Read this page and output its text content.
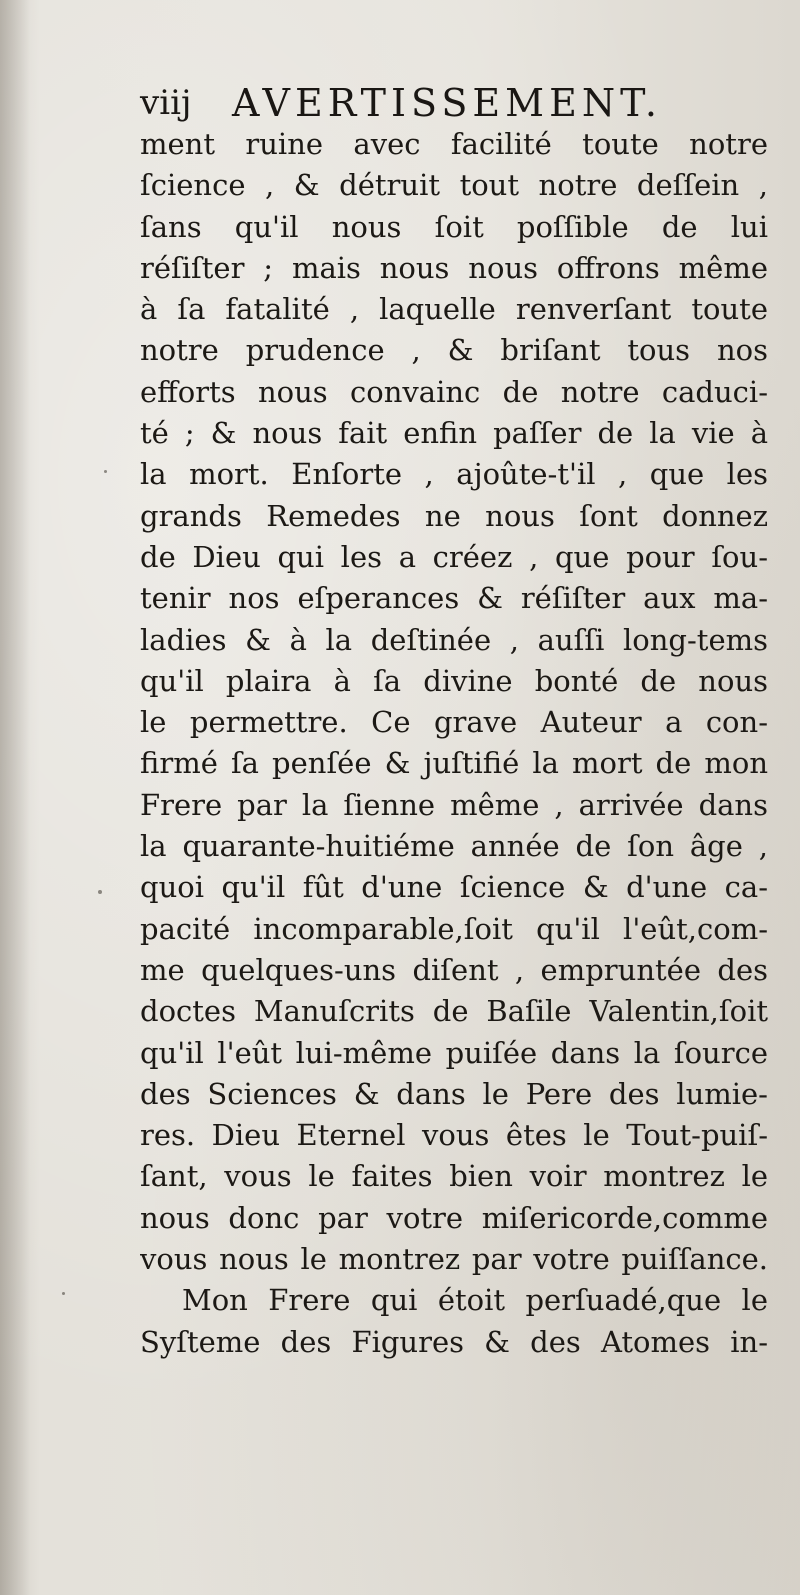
viij AVERTISSEMENT.
ment ruine avec facilité toute notre
ſcience , & détruit tout notre deſſein ,
ſans qu'il nous ſoit poſſible de lui
réſiſter ; mais nous nous offrons même
à ſa fatalité , laquelle renverſant toute
notre prudence , & briſant tous nos
efforts nous convainc de notre caduci-
té ; & nous fait enfin paſſer de la vie à
la mort. Enſorte , ajoûte-t'il , que les
grands Remedes ne nous ſont donnez
de Dieu qui les a créez , que pour ſou-
tenir nos eſperances & réſiſter aux ma-
ladies & à la deſtinée , auſſi long-tems
qu'il plaira à ſa divine bonté de nous
le permettre. Ce grave Auteur a con-
firmé ſa penſée & juſtifié la mort de mon
Frere par la ſienne même , arrivée dans
la quarante-huitiéme année de ſon âge ,
quoi qu'il fût d'une ſcience & d'une ca-
pacité incomparable,ſoit qu'il l'eût,com-
me quelques-uns diſent , empruntée des
doctes Manuſcrits de Baſile Valentin,ſoit
qu'il l'eût lui-même puiſée dans la ſource
des Sciences & dans le Pere des lumie-
res. Dieu Eternel vous êtes le Tout-puiſ-
ſant, vous le faites bien voir montrez le
nous donc par votre miſericorde,comme
vous nous le montrez par votre puiſſance.
Mon Frere qui étoit perſuadé,que le
Syſteme des Figures & des Atomes in-
